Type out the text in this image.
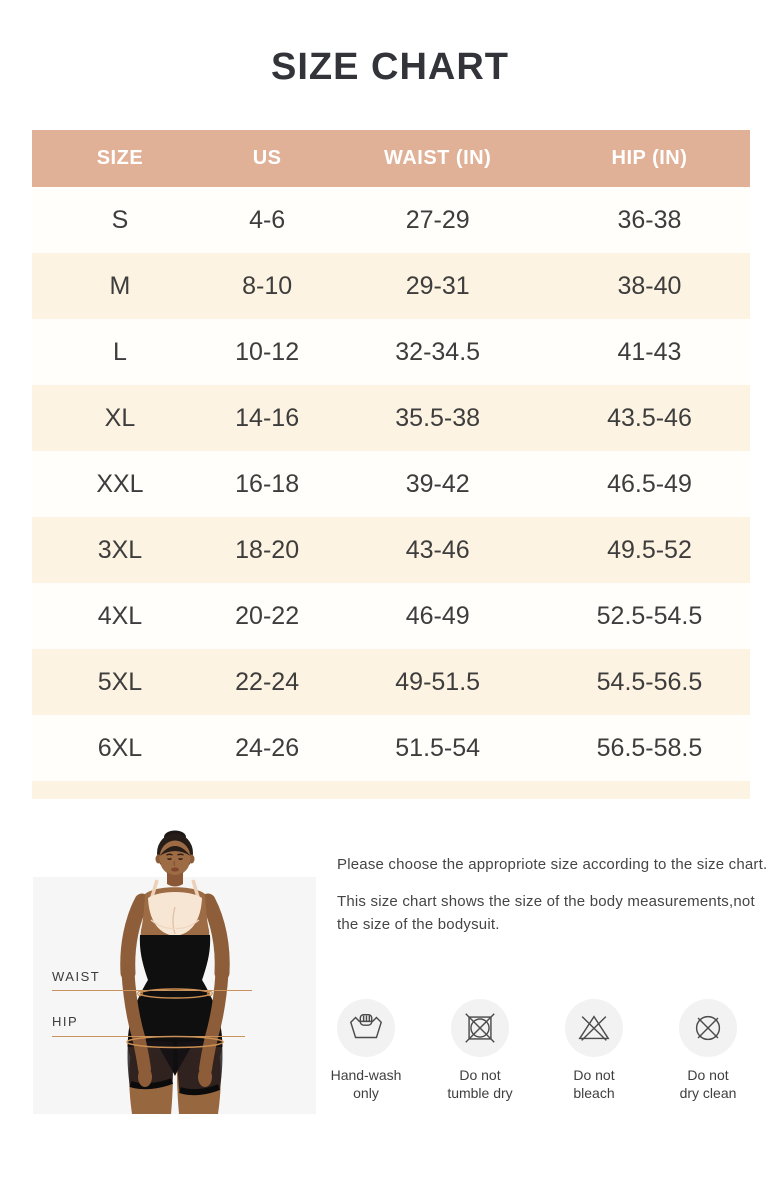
SIZE CHART
SIZE	US	WAIST (IN)	HIP (IN)
S	4-6	27-29	36-38
M	8-10	29-31	38-40
L	10-12	32-34.5	41-43
XL	14-16	35.5-38	43.5-46
XXL	16-18	39-42	46.5-49
3XL	18-20	43-46	49.5-52
4XL	20-22	46-49	52.5-54.5
5XL	22-24	49-51.5	54.5-56.5
6XL	24-26	51.5-54	56.5-58.5
WAIST
HIP

Please choose the appropriote size according to the size chart.

This size chart shows the size of the body measurements,not the size of the bodysuit.

Hand-wash
only
Do not
tumble dry
Do not
bleach
Do not
dry clean
